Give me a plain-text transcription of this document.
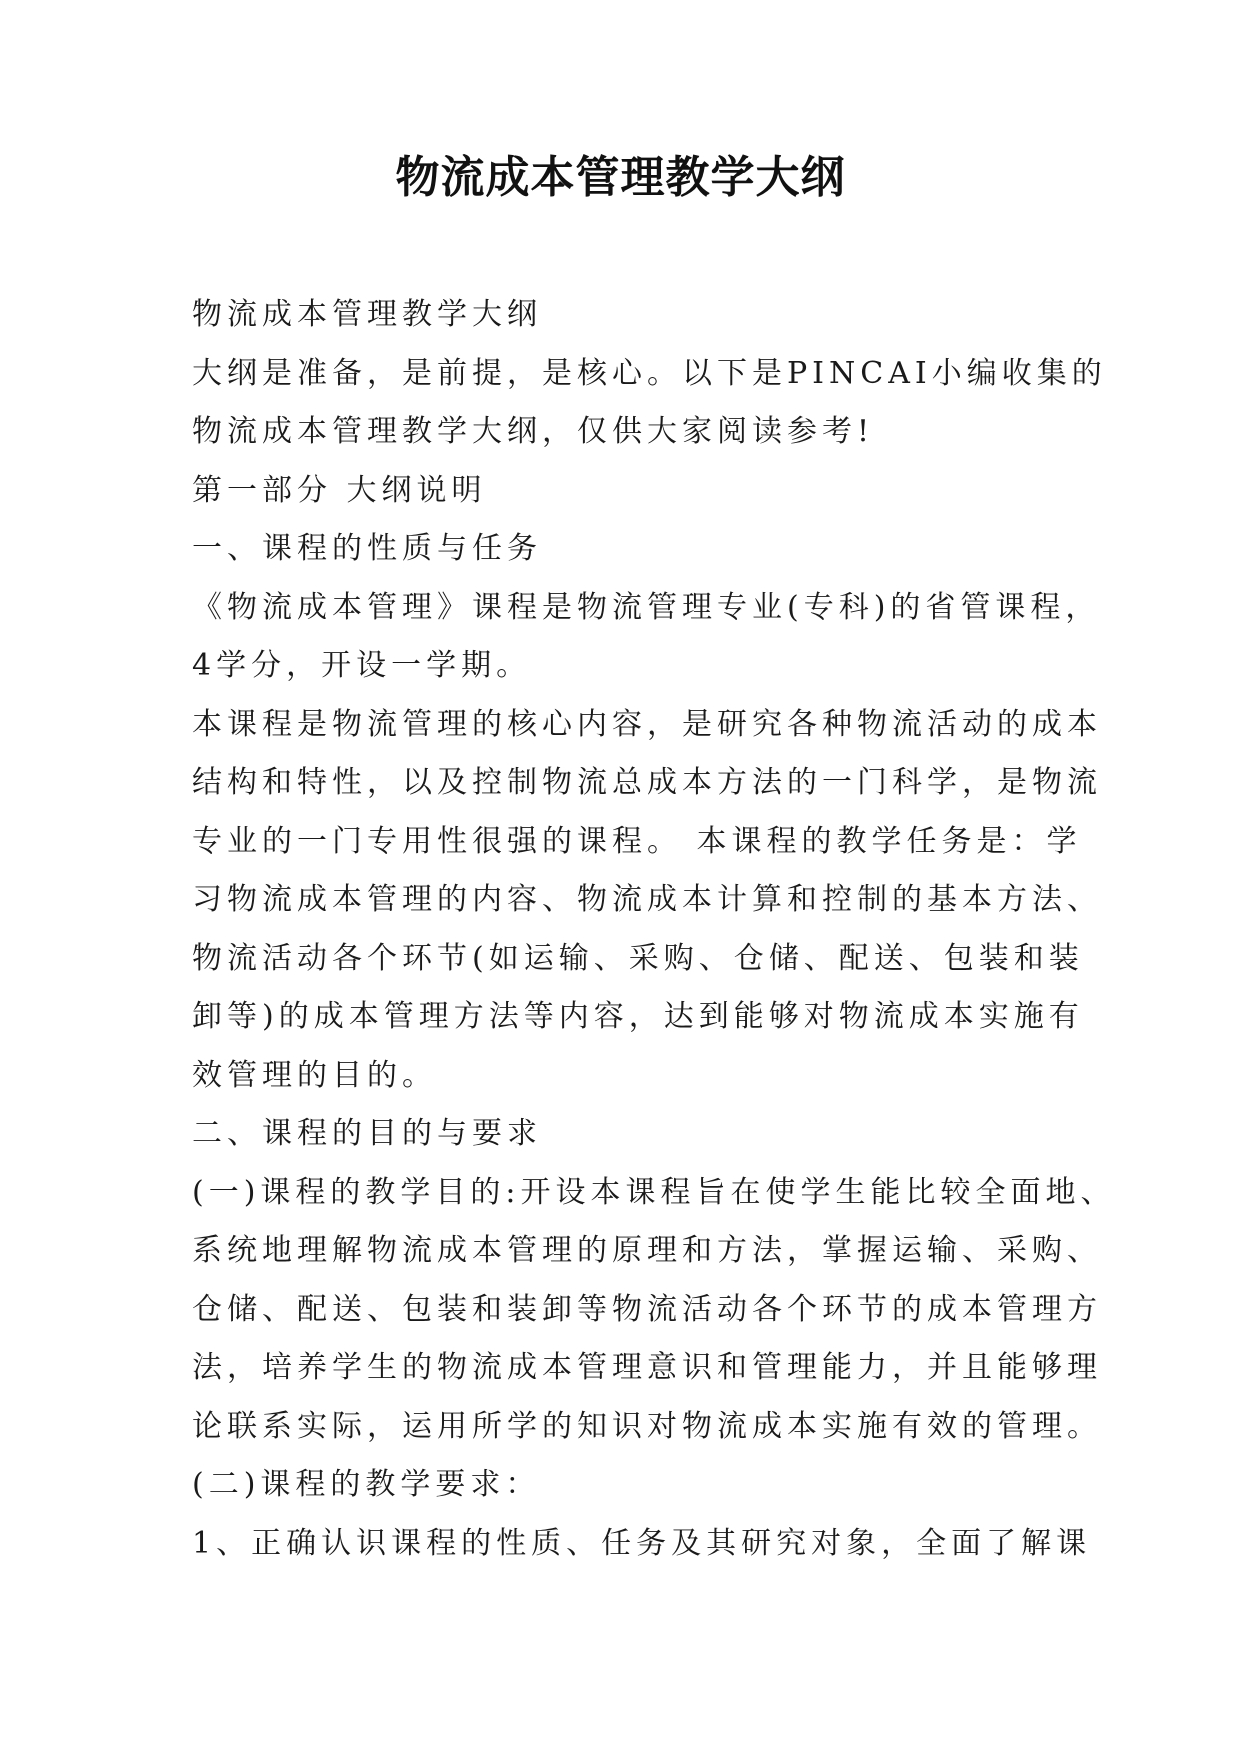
物流成本管理教学大纲
物流成本管理教学大纲
大纲是准备，是前提，是核心。以下是PINCAI小编收集的
物流成本管理教学大纲，仅供大家阅读参考!
第一部分 大纲说明
一、课程的性质与任务
《物流成本管理》课程是物流管理专业(专科)的省管课程，
4学分，开设一学期。
本课程是物流管理的核心内容，是研究各种物流活动的成本
结构和特性，以及控制物流总成本方法的一门科学，是物流
专业的一门专用性很强的课程。 本课程的教学任务是：学
习物流成本管理的内容、物流成本计算和控制的基本方法、
物流活动各个环节(如运输、采购、仓储、配送、包装和装
卸等)的成本管理方法等内容，达到能够对物流成本实施有
效管理的目的。
二、课程的目的与要求
(一)课程的教学目的:开设本课程旨在使学生能比较全面地、
系统地理解物流成本管理的原理和方法，掌握运输、采购、
仓储、配送、包装和装卸等物流活动各个环节的成本管理方
法，培养学生的物流成本管理意识和管理能力，并且能够理
论联系实际，运用所学的知识对物流成本实施有效的管理。
(二)课程的教学要求：
1、正确认识课程的性质、任务及其研究对象，全面了解课
